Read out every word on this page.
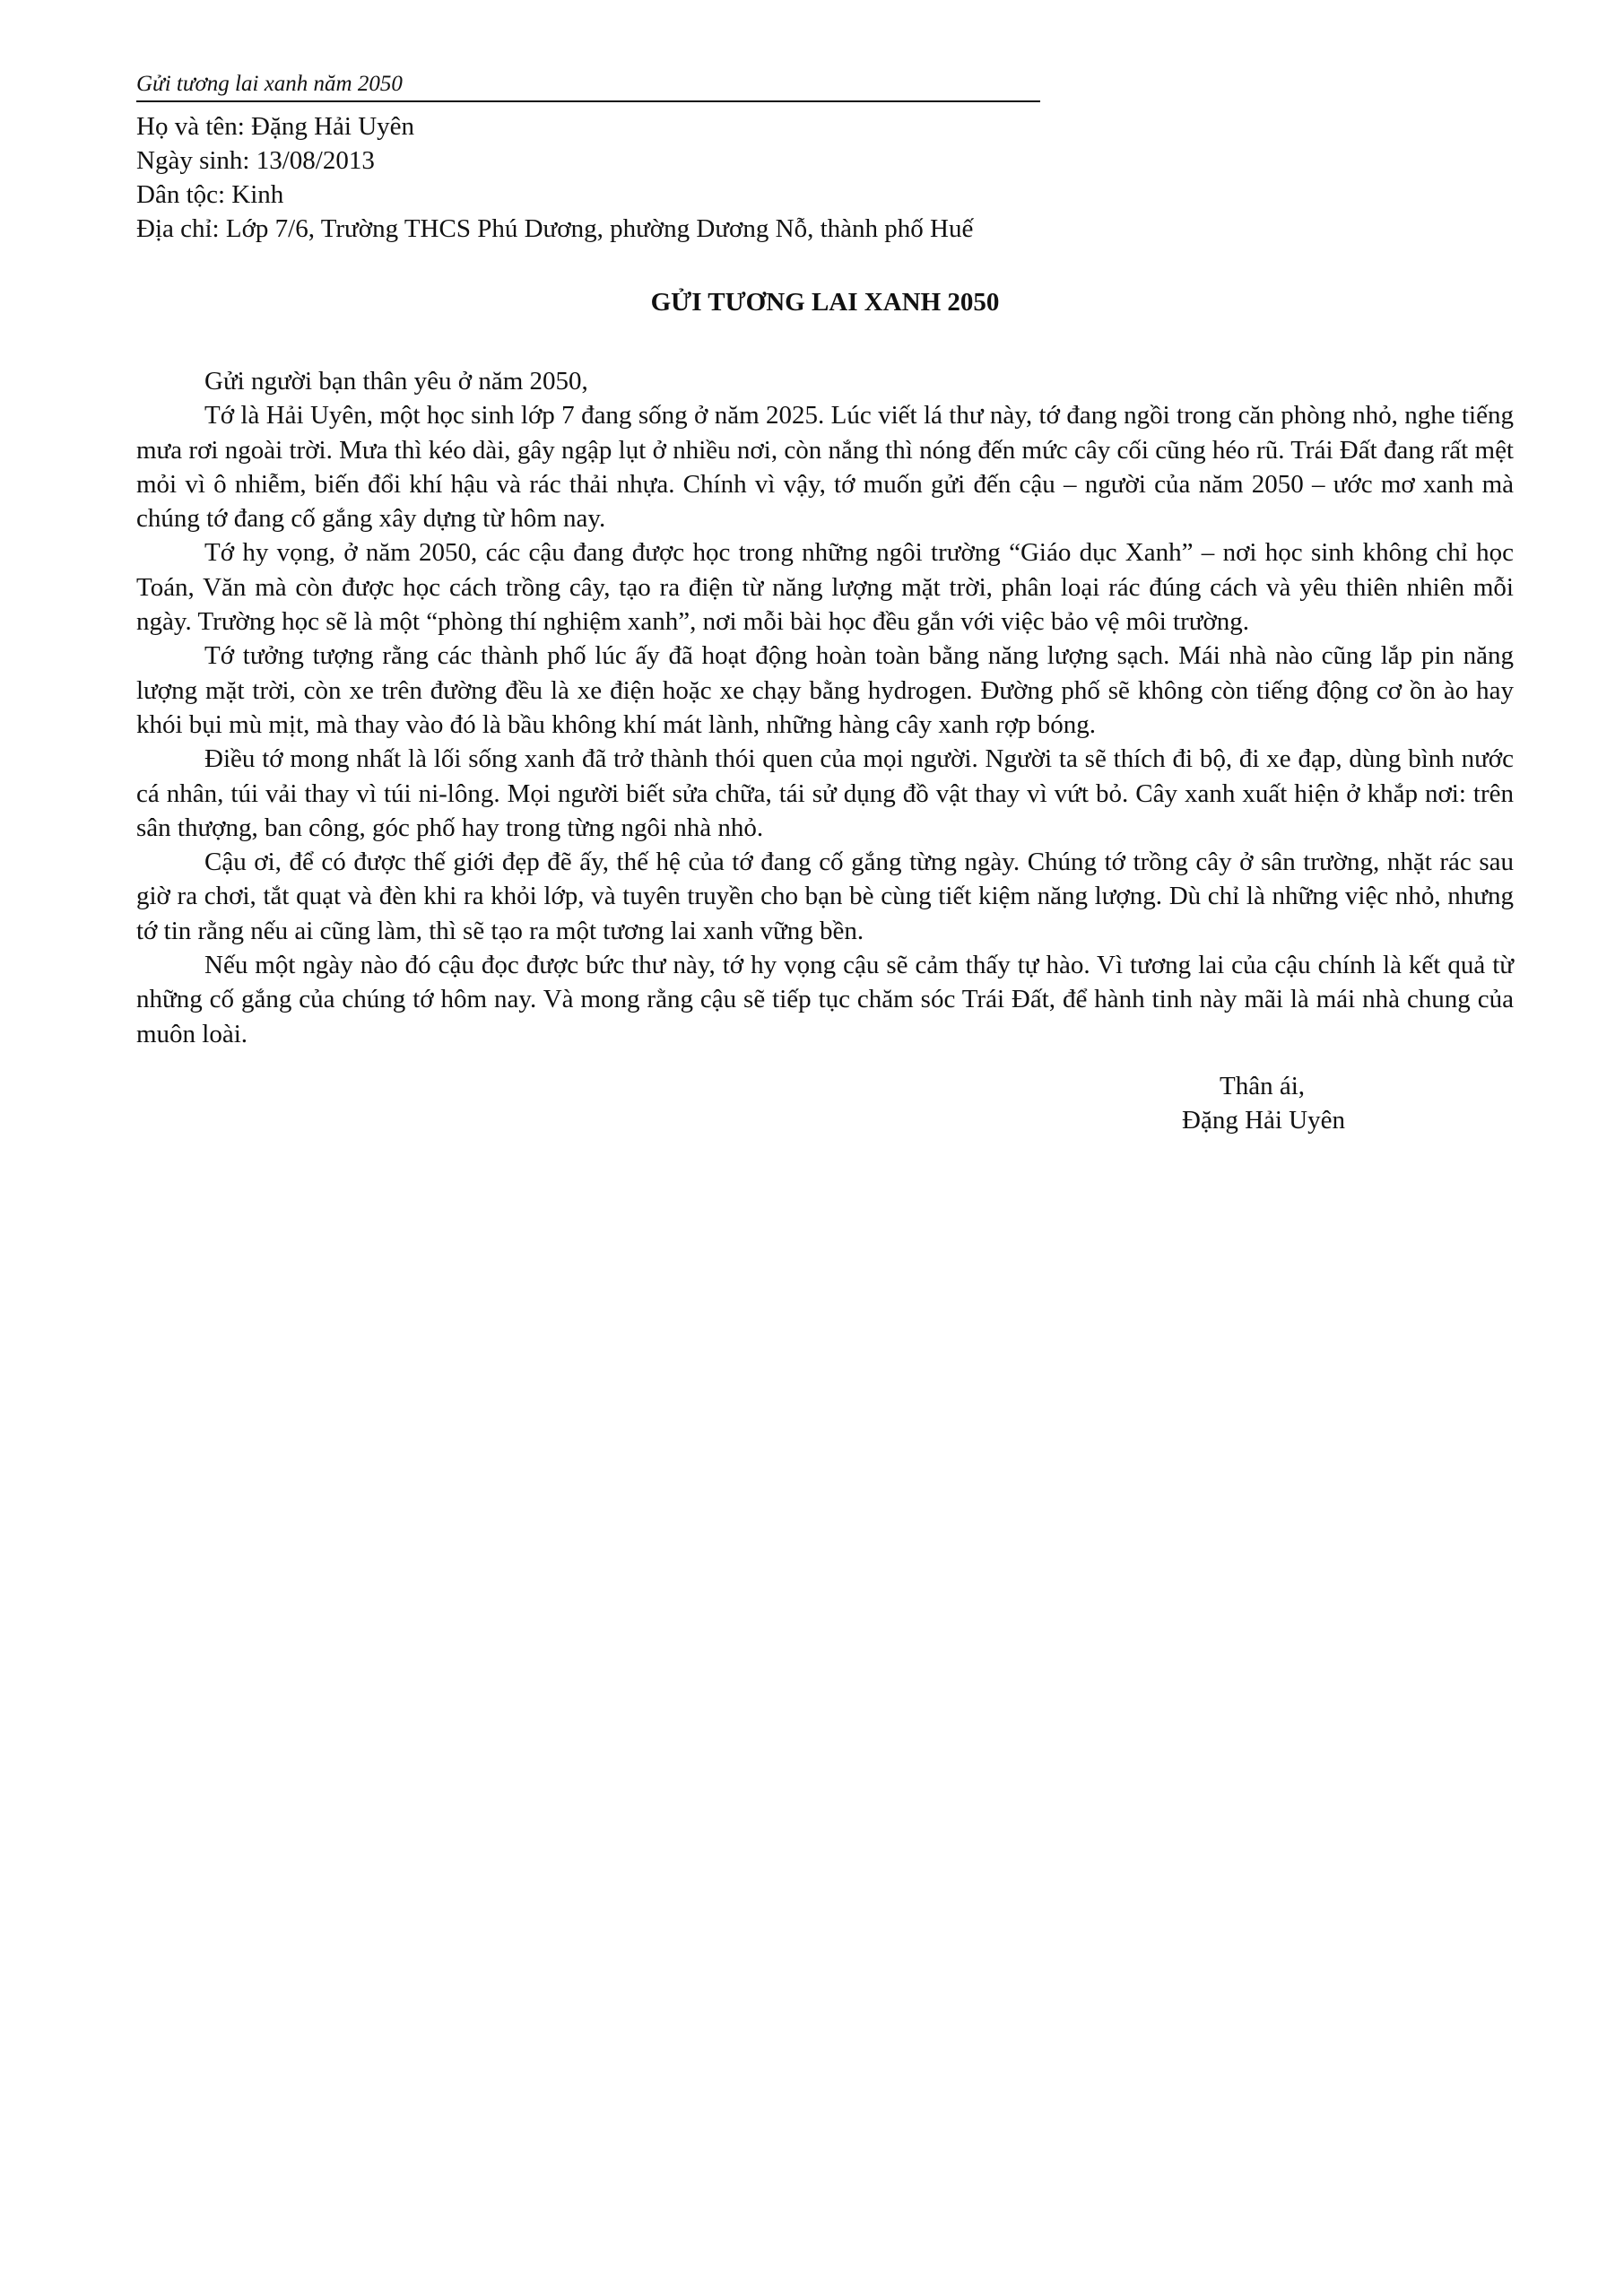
Gửi tương lai xanh năm 2050

Họ và tên: Đặng Hải Uyên

Ngày sinh: 13/08/2013

Dân tộc: Kinh

Địa chỉ: Lớp 7/6, Trường THCS Phú Dương, phường Dương Nỗ, thành phố Huế

GỬI TƯƠNG LAI XANH 2050

Gửi người bạn thân yêu ở năm 2050,

Tớ là Hải Uyên, một học sinh lớp 7 đang sống ở năm 2025. Lúc viết lá thư này, tớ đang ngồi trong căn phòng nhỏ, nghe tiếng mưa rơi ngoài trời. Mưa thì kéo dài, gây ngập lụt ở nhiều nơi, còn nắng thì nóng đến mức cây cối cũng héo rũ. Trái Đất đang rất mệt mỏi vì ô nhiễm, biến đổi khí hậu và rác thải nhựa. Chính vì vậy, tớ muốn gửi đến cậu – người của năm 2050 – ước mơ xanh mà chúng tớ đang cố gắng xây dựng từ hôm nay.

Tớ hy vọng, ở năm 2050, các cậu đang được học trong những ngôi trường “Giáo dục Xanh” – nơi học sinh không chỉ học Toán, Văn mà còn được học cách trồng cây, tạo ra điện từ năng lượng mặt trời, phân loại rác đúng cách và yêu thiên nhiên mỗi ngày. Trường học sẽ là một “phòng thí nghiệm xanh”, nơi mỗi bài học đều gắn với việc bảo vệ môi trường.

Tớ tưởng tượng rằng các thành phố lúc ấy đã hoạt động hoàn toàn bằng năng lượng sạch. Mái nhà nào cũng lắp pin năng lượng mặt trời, còn xe trên đường đều là xe điện hoặc xe chạy bằng hydrogen. Đường phố sẽ không còn tiếng động cơ ồn ào hay khói bụi mù mịt, mà thay vào đó là bầu không khí mát lành, những hàng cây xanh rợp bóng.

Điều tớ mong nhất là lối sống xanh đã trở thành thói quen của mọi người. Người ta sẽ thích đi bộ, đi xe đạp, dùng bình nước cá nhân, túi vải thay vì túi ni-lông. Mọi người biết sửa chữa, tái sử dụng đồ vật thay vì vứt bỏ. Cây xanh xuất hiện ở khắp nơi: trên sân thượng, ban công, góc phố hay trong từng ngôi nhà nhỏ.

Cậu ơi, để có được thế giới đẹp đẽ ấy, thế hệ của tớ đang cố gắng từng ngày. Chúng tớ trồng cây ở sân trường, nhặt rác sau giờ ra chơi, tắt quạt và đèn khi ra khỏi lớp, và tuyên truyền cho bạn bè cùng tiết kiệm năng lượng. Dù chỉ là những việc nhỏ, nhưng tớ tin rằng nếu ai cũng làm, thì sẽ tạo ra một tương lai xanh vững bền.

Nếu một ngày nào đó cậu đọc được bức thư này, tớ hy vọng cậu sẽ cảm thấy tự hào. Vì tương lai của cậu chính là kết quả từ những cố gắng của chúng tớ hôm nay. Và mong rằng cậu sẽ tiếp tục chăm sóc Trái Đất, để hành tinh này mãi là mái nhà chung của muôn loài.

Thân ái,

Đặng Hải Uyên
